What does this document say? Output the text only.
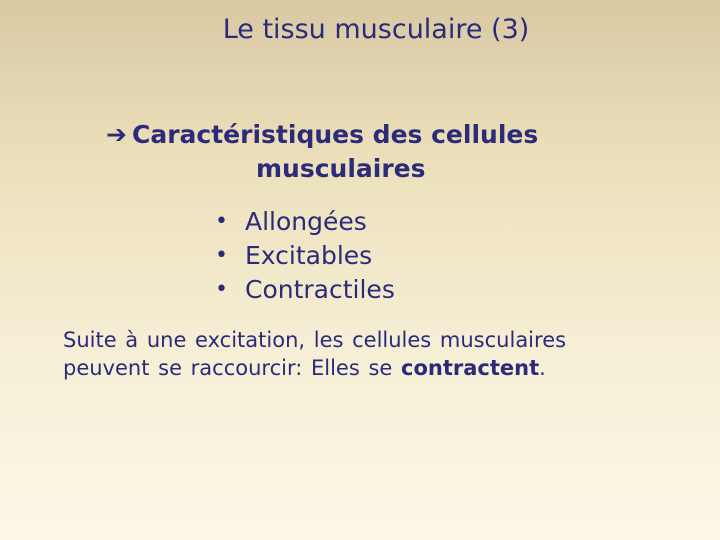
Le tissu musculaire (3)
➔ Caractéristiques des cellules
musculaires
• Allongées
• Excitables
• Contractiles
Suite à une excitation, les cellules musculaires
peuvent se raccourcir: Elles se contractent.
